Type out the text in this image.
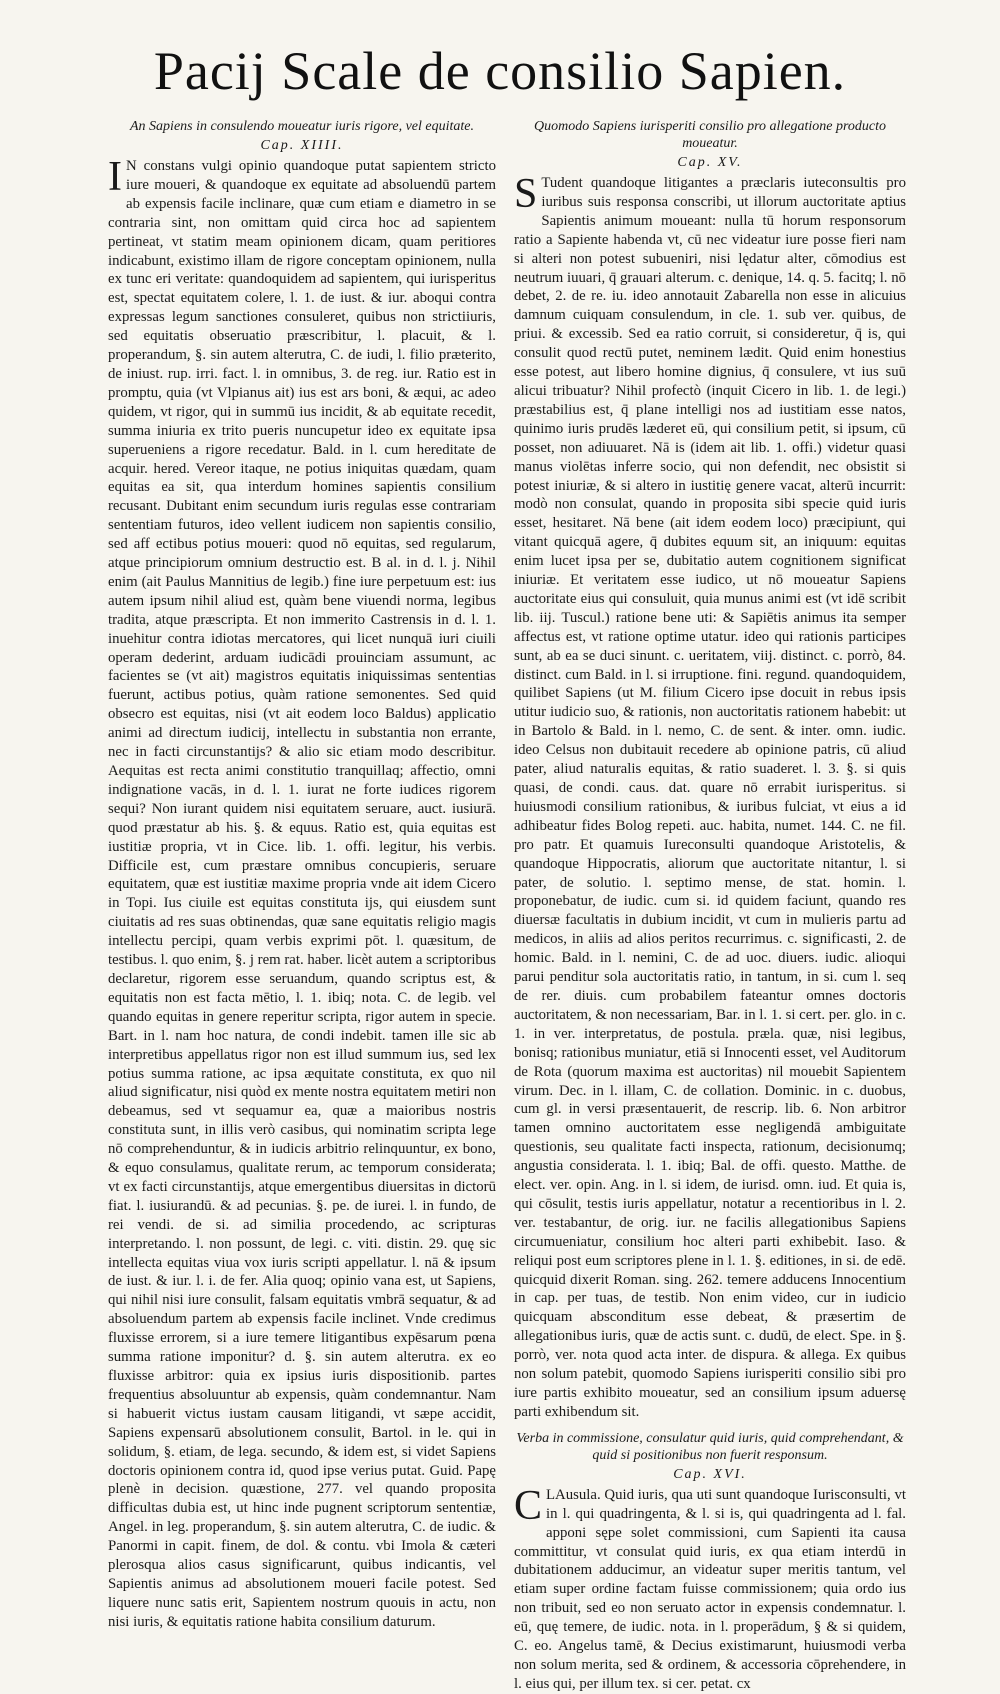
Pacij Scale de consilio Sapien.

An Sapiens in consulendo moueatur iuris rigore, vel equitate.

Cap. XIIII.

I N constans vulgi opinio quandoque putat sapientem stricto iure moueri, & quandoque ex equitate ad absoluendū partem ab expensis facile inclinare, quæ cum etiam e diametro in se contraria sint, non omittam quid circa hoc ad sapientem pertineat, vt statim meam opinionem dicam, quam peritiores indicabunt, existimo illam de rigore conceptam opinionem, nulla ex tunc eri veritate: quandoquidem ad sapientem, qui iurisperitus est, spectat equitatem colere, l. 1. de iust. & iur. aboqui contra expressas legum sanctiones consuleret, quibus non strictiiuris, sed equitatis obseruatio præscribitur, l. placuit, & l. properandum, §. sin autem alterutra, C. de iudi, l. filio præterito, de iniust. rup. irri. fact. l. in omnibus, 3. de reg. iur. Ratio est in promptu, quia (vt Vlpianus ait) ius est ars boni, & æqui, ac adeo quidem, vt rigor, qui in summū ius incidit, & ab equitate recedit, summa iniuria ex trito pueris nuncupetur ideo ex equitate ipsa superueniens a rigore recedatur. Bald. in l. cum hereditate de acquir. hered. Vereor itaque, ne potius iniquitas quædam, quam equitas ea sit, qua interdum homines sapientis consilium recusant. Dubitant enim secundum iuris regulas esse contrariam sententiam futuros, ideo vellent iudicem non sapientis consilio, sed aff ectibus potius moueri: quod nō equitas, sed regularum, atque principiorum omnium destructio est. B al. in d. l. j. Nihil enim (ait Paulus Mannitius de legib.) fine iure perpetuum est: ius autem ipsum nihil aliud est, quàm bene viuendi norma, legibus tradita, atque præscripta. Et non immerito Castrensis in d. l. 1. inuehitur contra idiotas mercatores, qui licet nunquā iuri ciuili operam dederint, arduam iudicādi prouinciam assumunt, ac facientes se (vt ait) magistros equitatis iniquissimas sententias fuerunt, actibus potius, quàm ratione semonentes. Sed quid obsecro est equitas, nisi (vt ait eodem loco Baldus) applicatio animi ad directum iudicij, intellectu in substantia non errante, nec in facti circunstantijs? & alio sic etiam modo describitur. Aequitas est recta animi constitutio tranquillaq; affectio, omni indignatione vacās, in d. l. 1. iurat ne forte iudices rigorem sequi? Non iurant quidem nisi equitatem seruare, auct. iusiurā. quod præstatur ab his. §. & equus. Ratio est, quia equitas est iustitiæ propria, vt in Cice. lib. 1. offi. legitur, his verbis. Difficile est, cum præstare omnibus concupieris, seruare equitatem, quæ est iustitiæ maxime propria vnde ait idem Cicero in Topi. Ius ciuile est equitas constituta ijs, qui eiusdem sunt ciuitatis ad res suas obtinendas, quæ sane equitatis religio magis intellectu percipi, quam verbis exprimi pōt. l. quæsitum, de testibus. l. quo enim, §. j rem rat. haber. licèt autem a scriptoribus declaretur, rigorem esse seruandum, quando scriptus est, & equitatis non est facta mētio, l. 1. ibiq; nota. C. de legib. vel quando equitas in genere reperitur scripta, rigor autem in specie. Bart. in l. nam hoc natura, de condi indebit. tamen ille sic ab interpretibus appellatus rigor non est illud summum ius, sed lex potius summa ratione, ac ipsa æquitate constituta, ex quo nil aliud significatur, nisi quòd ex mente nostra equitatem metiri non debeamus, sed vt sequamur ea, quæ a maioribus nostris constituta sunt, in illis verò casibus, qui nominatim scripta lege nō comprehenduntur, & in iudicis arbitrio relinquuntur, ex bono, & equo consulamus, qualitate rerum, ac temporum considerata; vt ex facti circunstantijs, atque emergentibus diuersitas in dictorū fiat. l. iusiurandū. & ad pecunias. §. pe. de iurei. l. in fundo, de rei vendi. de si. ad similia procedendo, ac scripturas interpretando. l. non possunt, de legi. c. viti. distin. 29. quę sic intellecta equitas viua vox iuris scripti appellatur. l. nā & ipsum de iust. & iur. l. i. de fer. Alia quoq; opinio vana est, ut Sapiens, qui nihil nisi iure consulit, falsam equitatis vmbrā sequatur, & ad absoluendum partem ab expensis facile inclinet. Vnde credimus fluxisse errorem, si a iure temere litigantibus expēsarum pœna summa ratione imponitur? d. §. sin autem alterutra. ex eo fluxisse arbitror: quia ex ipsius iuris dispositionib. partes frequentius absoluuntur ab expensis, quàm condemnantur. Nam si habuerit victus iustam causam litigandi, vt sæpe accidit, Sapiens expensarū absolutionem consulit, Bartol. in le. qui in solidum, §. etiam, de lega. secundo, & idem est, si videt Sapiens doctoris opinionem contra id, quod ipse verius putat. Guid. Papę plenè in decision. quæstione, 277. vel quando proposita difficultas dubia est, ut hinc inde pugnent scriptorum sententiæ, Angel. in leg. properandum, §. sin autem alterutra, C. de iudic. & Panormi in capit. finem, de dol. & contu. vbi Imola & cæteri plerosqua alios casus significarunt, quibus indicantis, vel Sapientis animus ad absolutionem moueri facile potest. Sed liquere nunc satis erit, Sapientem nostrum quouis in actu, non nisi iuris, & equitatis ratione habita consilium daturum.

Quomodo Sapiens iurisperiti consilio pro allegatione producto moueatur.

Cap. XV.

S Tudent quandoque litigantes a præclaris iuteconsultis pro iuribus suis responsa conscribi, ut illorum auctoritate aptius Sapientis animum moueant: nulla tū horum responsorum ratio a Sapiente habenda vt, cū nec videatur iure posse fieri nam si alteri non potest subueniri, nisi lędatur alter, cōmodius est neutrum iuuari, q̄ grauari alterum. c. denique, 14. q. 5. facitq; l. nō debet, 2. de re. iu. ideo annotauit Zabarella non esse in alicuius damnum cuiquam consulendum, in cle. 1. sub ver. quibus, de priui. & excessib. Sed ea ratio corruit, si consideretur, q̄ is, qui consulit quod rectū putet, neminem lædit. Quid enim honestius esse potest, aut libero homine dignius, q̄ consulere, vt ius suū alicui tribuatur? Nihil profectò (inquit Cicero in lib. 1. de legi.) præstabilius est, q̄ plane intelligi nos ad iustitiam esse natos, quinimo iuris prudēs læderet eū, qui consilium petit, si ipsum, cū posset, non adiuuaret. Nā is (idem ait lib. 1. offi.) videtur quasi manus violētas inferre socio, qui non defendit, nec obsistit si potest iniuriæ, & si altero in iustitię genere vacat, alterū incurrit: modò non consulat, quando in proposita sibi specie quid iuris esset, hesitaret. Nā bene (ait idem eodem loco) præcipiunt, qui vitant quicquā agere, q̄ dubites equum sit, an iniquum: equitas enim lucet ipsa per se, dubitatio autem cognitionem significat iniuriæ. Et veritatem esse iudico, ut nō moueatur Sapiens auctoritate eius qui consuluit, quia munus animi est (vt idē scribit lib. iij. Tuscul.) ratione bene uti: & Sapiētis animus ita semper affectus est, vt ratione optime utatur. ideo qui rationis participes sunt, ab ea se duci sinunt. c. ueritatem, viij. distinct. c. porrò, 84. distinct. cum Bald. in l. si irruptione. fini. regund. quandoquidem, quilibet Sapiens (ut M. filium Cicero ipse docuit in rebus ipsis utitur iudicio suo, & rationis, non auctoritatis rationem habebit: ut in Bartolo & Bald. in l. nemo, C. de sent. & inter. omn. iudic. ideo Celsus non dubitauit recedere ab opinione patris, cū aliud pater, aliud naturalis equitas, & ratio suaderet. l. 3. §. si quis quasi, de condi. caus. dat. quare nō errabit iurisperitus. si huiusmodi consilium rationibus, & iuribus fulciat, vt eius a id adhibeatur fides Bolog repeti. auc. habita, numet. 144. C. ne fil. pro patr. Et quamuis Iureconsulti quandoque Aristotelis, & quandoque Hippocratis, aliorum que auctoritate nitantur, l. si pater, de solutio. l. septimo mense, de stat. homin. l. proponebatur, de iudic. cum si. id quidem faciunt, quando res diuersæ facultatis in dubium incidit, vt cum in mulieris partu ad medicos, in aliis ad alios peritos recurrimus. c. significasti, 2. de homic. Bald. in l. nemini, C. de ad uoc. diuers. iudic. alioqui parui penditur sola auctoritatis ratio, in tantum, in si. cum l. seq de rer. diuis. cum probabilem fateantur omnes doctoris auctoritatem, & non necessariam, Bar. in l. 1. si cert. per. glo. in c. 1. in ver. interpretatus, de postula. præla. quæ, nisi legibus, bonisq; rationibus muniatur, etiā si Innocenti esset, vel Auditorum de Rota (quorum maxima est auctoritas) nil mouebit Sapientem virum. Dec. in l. illam, C. de collation. Dominic. in c. duobus, cum gl. in versi præsentauerit, de rescrip. lib. 6. Non arbitror tamen omnino auctoritatem esse negligendā ambiguitate questionis, seu qualitate facti inspecta, rationum, decisionumq; angustia considerata. l. 1. ibiq; Bal. de offi. questo. Matthe. de elect. ver. opin. Ang. in l. si idem, de iurisd. omn. iud. Et quia is, qui cōsulit, testis iuris appellatur, notatur a recentioribus in l. 2. ver. testabantur, de orig. iur. ne facilis allegationibus Sapiens circumueniatur, consilium hoc alteri parti exhibebit. Iaso. & reliqui post eum scriptores plene in l. 1. §. editiones, in si. de edē. quicquid dixerit Roman. sing. 262. temere adducens Innocentium in cap. per tuas, de testib. Non enim video, cur in iudicio quicquam absconditum esse debeat, & præsertim de allegationibus iuris, quæ de actis sunt. c. dudū, de elect. Spe. in §. porrò, ver. nota quod acta inter. de dispura. & allega. Ex quibus non solum patebit, quomodo Sapiens iurisperiti consilio sibi pro iure partis exhibito moueatur, sed an consilium ipsum aduersę parti exhibendum sit.

Verba in commissione, consulatur quid iuris, quid comprehendant, & quid si positionibus non fuerit responsum.

Cap. XVI.

C LAusula. Quid iuris, qua uti sunt quandoque Iurisconsulti, vt in l. qui quadringenta, & l. si is, qui quadringenta ad l. fal. apponi sępe solet commissioni, cum Sapienti ita causa committitur, vt consulat quid iuris, ex qua etiam interdū in dubitationem adducimur, an videatur super meritis tantum, vel etiam super ordine factam fuisse commissionem; quia ordo ius non tribuit, sed eo non seruato actor in expensis condemnatur. l. eū, quę temere, de iudic. nota. in l. properādum, § & si quidem, C. eo. Angelus tamē, & Decius existimarunt, huiusmodi verba non solum merita, sed & ordinem, & accessoria cōprehendere, in l. eius qui, per illum tex. si cer. petat. cx
